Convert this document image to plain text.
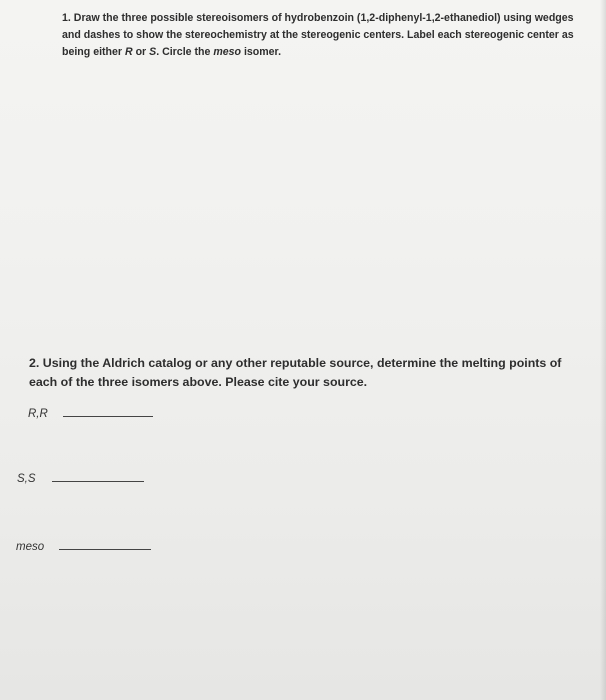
1. Draw the three possible stereoisomers of hydrobenzoin (1,2-diphenyl-1,2-ethanediol) using wedges and dashes to show the stereochemistry at the stereogenic centers. Label each stereogenic center as being either R or S. Circle the meso isomer.
2. Using the Aldrich catalog or any other reputable source, determine the melting points of each of the three isomers above. Please cite your source.
R,R
S,S
meso
